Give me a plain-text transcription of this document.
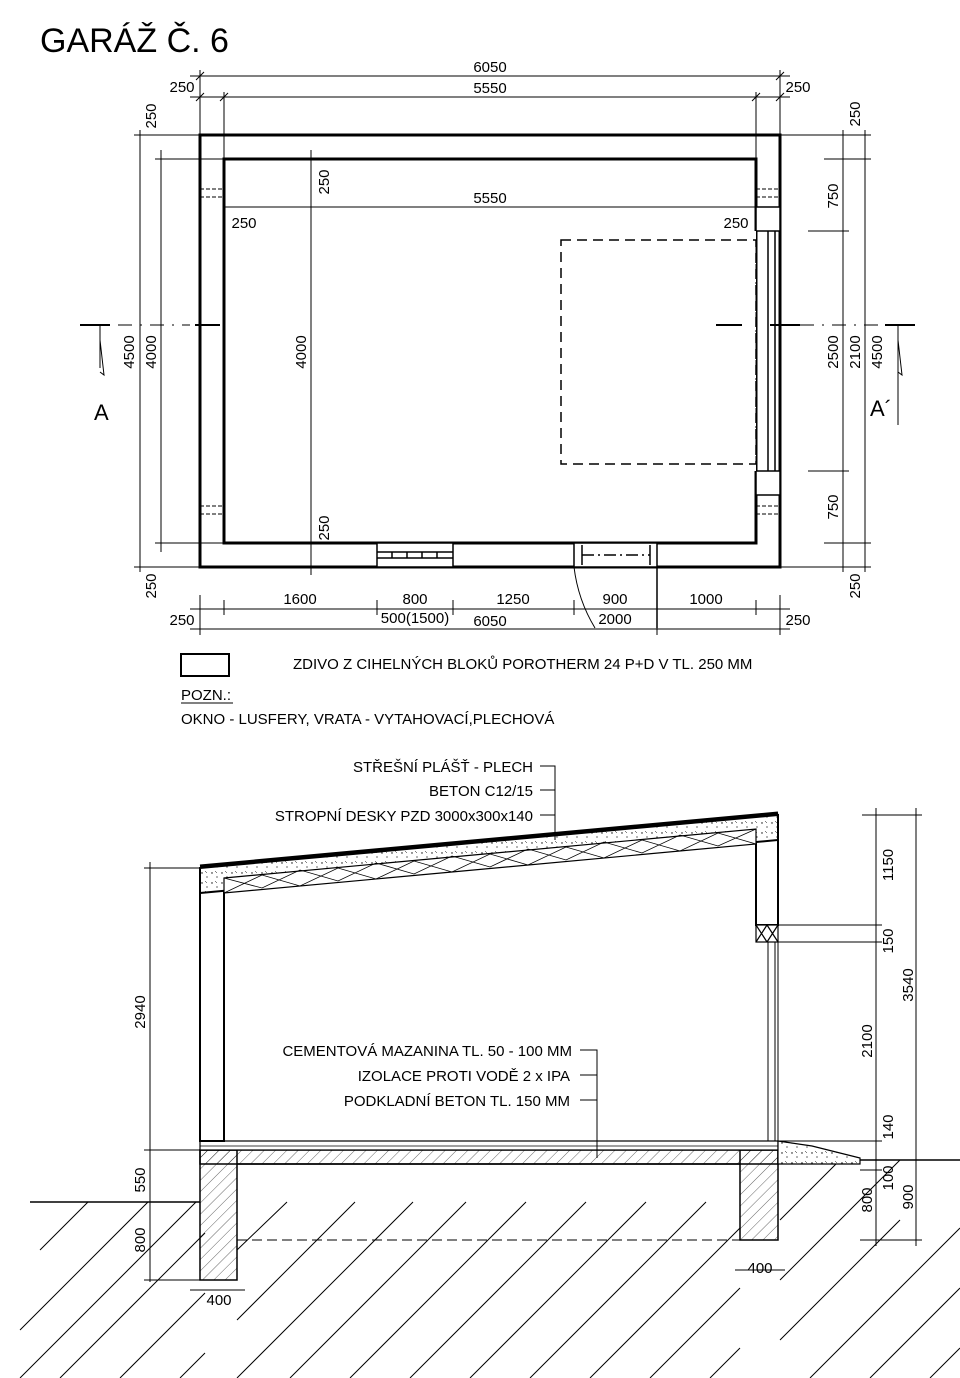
GARÁŽ Č. 6
6050
5550
250	250
5550
250	250
250
4000
250
250
4500 4000
250
250
750
2500 2100 4500
750
250
1600	800
500(1500)
1250	900	1000
6050	2000
250	250
A	A´
ZDIVO Z CIHELNÝCH BLOKŮ POROTHERM 24 P+D V TL. 250 MM
POZN.:
OKNO - LUSFERY, VRATA - VYTAHOVACÍ,PLECHOVÁ
STŘEŠNÍ PLÁŠŤ - PLECH
BETON C12/15
STROPNÍ DESKY PZD 3000x300x140
CEMENTOVÁ MAZANINA TL. 50 - 100 MM
IZOLACE PROTI VODĚ 2 x IPA
PODKLADNÍ BETON TL. 150 MM
2940
550
800
1150
150
3540
2100
140
100
800 900
400
400
